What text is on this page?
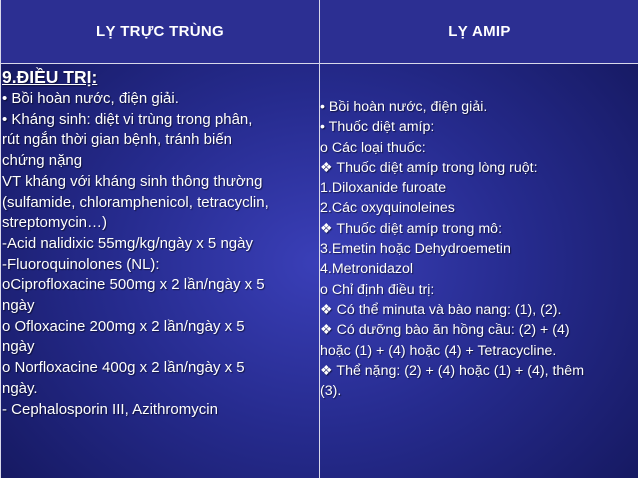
LỴ TRỰC TRÙNG	LỴ AMIP
9.ĐIỀU TRỊ:
• Bồi hoàn nước, điện giải.
• Kháng sinh: diệt vi trùng trong phân,
rút ngắn thời gian bệnh, tránh biến
chứng nặng
VT kháng với kháng sinh thông thường
(sulfamide, chloramphenicol, tetracyclin,
streptomycin…)
-Acid nalidixic 55mg/kg/ngày x 5 ngày
-Fluoroquinolones (NL):
oCiprofloxacine 500mg x 2 lần/ngày x 5
ngày
o Ofloxacine 200mg x 2 lần/ngày x 5
ngày
o Norfloxacine 400g x 2 lần/ngày x 5
ngày.
- Cephalosporin III, Azithromycin
• Bồi hoàn nước, điện giải.
• Thuốc diệt amíp:
o Các loại thuốc:
❖ Thuốc diệt amíp trong lòng ruột:
1.Diloxanide furoate
2.Các oxyquinoleines
❖ Thuốc diệt amíp trong mô:
3.Emetin hoặc Dehydroemetin
4.Metronidazol
o Chỉ định điều trị:
❖ Có thể minuta và bào nang: (1), (2).
❖ Có dưỡng bào ăn hồng cầu: (2) + (4)
hoặc (1) + (4) hoặc (4) + Tetracycline.
❖ Thể nặng: (2) + (4) hoặc (1) + (4), thêm
(3).
